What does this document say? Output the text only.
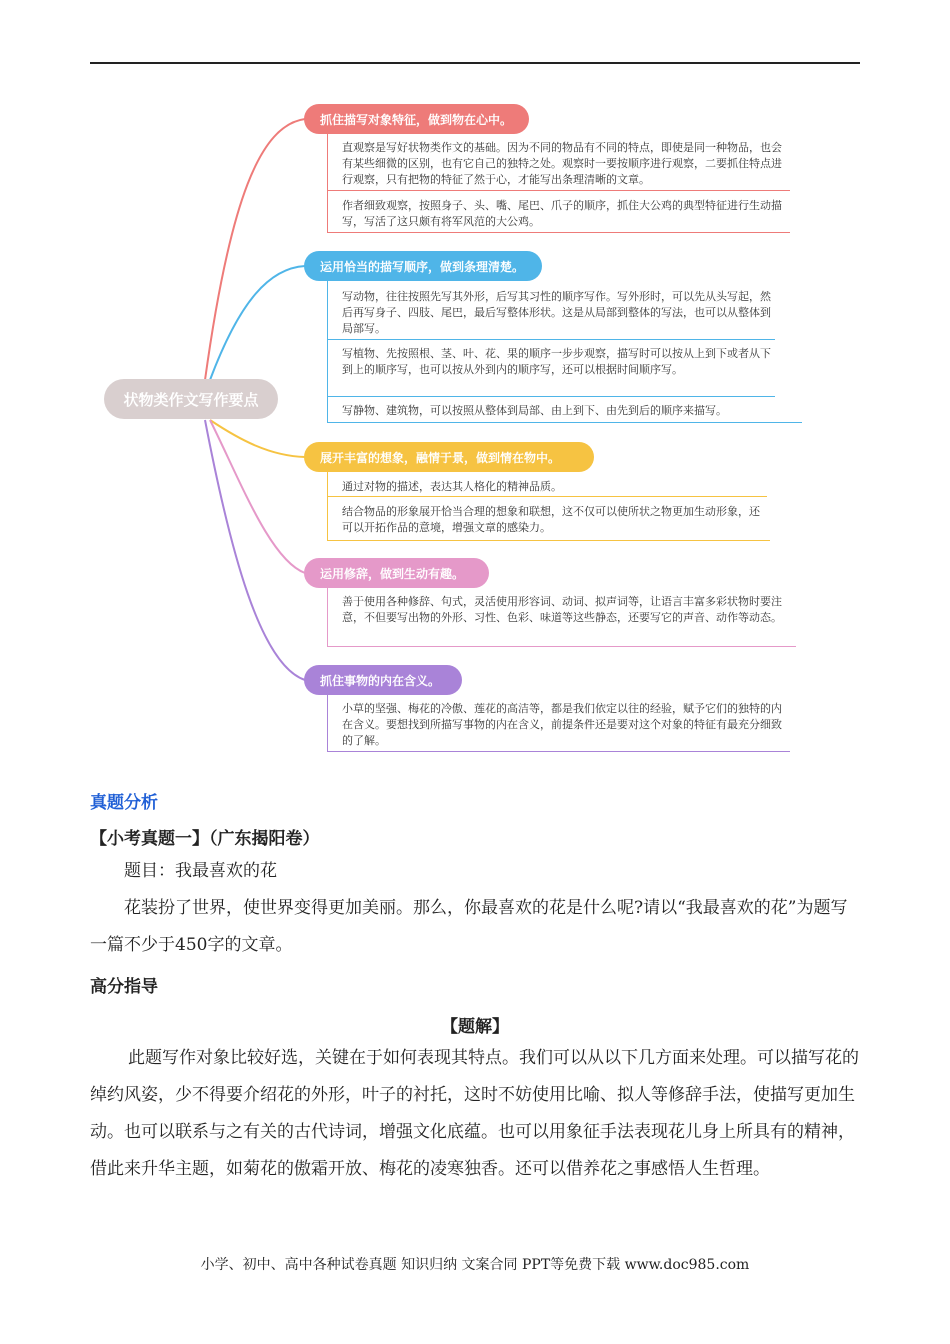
状物类作文写作要点
抓住描写对象特征，做到物在心中。
直观察是写好状物类作文的基础。因为不同的物品有不同的特点，即使是同一种物品，也会有某些细微的区别，也有它自己的独特之处。观察时一要按顺序进行观察，二要抓住特点进行观察，只有把物的特征了然于心，才能写出条理清晰的文章。
作者细致观察，按照身子、头、嘴、尾巴、爪子的顺序，抓住大公鸡的典型特征进行生动描写，写活了这只颇有将军风范的大公鸡。
运用恰当的描写顺序，做到条理清楚。
写动物，往往按照先写其外形，后写其习性的顺序写作。写外形时，可以先从头写起，然后再写身子、四肢、尾巴，最后写整体形状。这是从局部到整体的写法，也可以从整体到局部写。
写植物、先按照根、茎、叶、花、果的顺序一步步观察，描写时可以按从上到下或者从下到上的顺序写，也可以按从外到内的顺序写，还可以根据时间顺序写。
写静物、建筑物，可以按照从整体到局部、由上到下、由先到后的顺序来描写。
展开丰富的想象，融情于景，做到情在物中。
通过对物的描述，表达其人格化的精神品质。
结合物品的形象展开恰当合理的想象和联想，这不仅可以使所状之物更加生动形象，还可以开拓作品的意境，增强文章的感染力。
运用修辞，做到生动有趣。
善于使用各种修辞、句式，灵活使用形容词、动词、拟声词等，让语言丰富多彩状物时要注意，不但要写出物的外形、习性、色彩、味道等这些静态，还要写它的声音、动作等动态。
抓住事物的内在含义。
小草的坚强、梅花的冷傲、莲花的高洁等，都是我们依定以往的经验，赋予它们的独特的内在含义。要想找到所描写事物的内在含义，前提条件还是要对这个对象的特征有最充分细致的了解。
真题分析
【小考真题一】（广东揭阳卷）
题目：我最喜欢的花
花装扮了世界，使世界变得更加美丽。那么，你最喜欢的花是什么呢?请以“我最喜欢的花”为题写一篇不少于450字的文章。
高分指导
【题解】
此题写作对象比较好选，关键在于如何表现其特点。我们可以从以下几方面来处理。可以描写花的绰约风姿，少不得要介绍花的外形，叶子的衬托，这时不妨使用比喻、拟人等修辞手法，使描写更加生动。也可以联系与之有关的古代诗词，增强文化底蕴。也可以用象征手法表现花儿身上所具有的精神，借此来升华主题，如菊花的傲霜开放、梅花的凌寒独香。还可以借养花之事感悟人生哲理。
小学、初中、高中各种试卷真题 知识归纳 文案合同 PPT等免费下载 www.doc985.com
